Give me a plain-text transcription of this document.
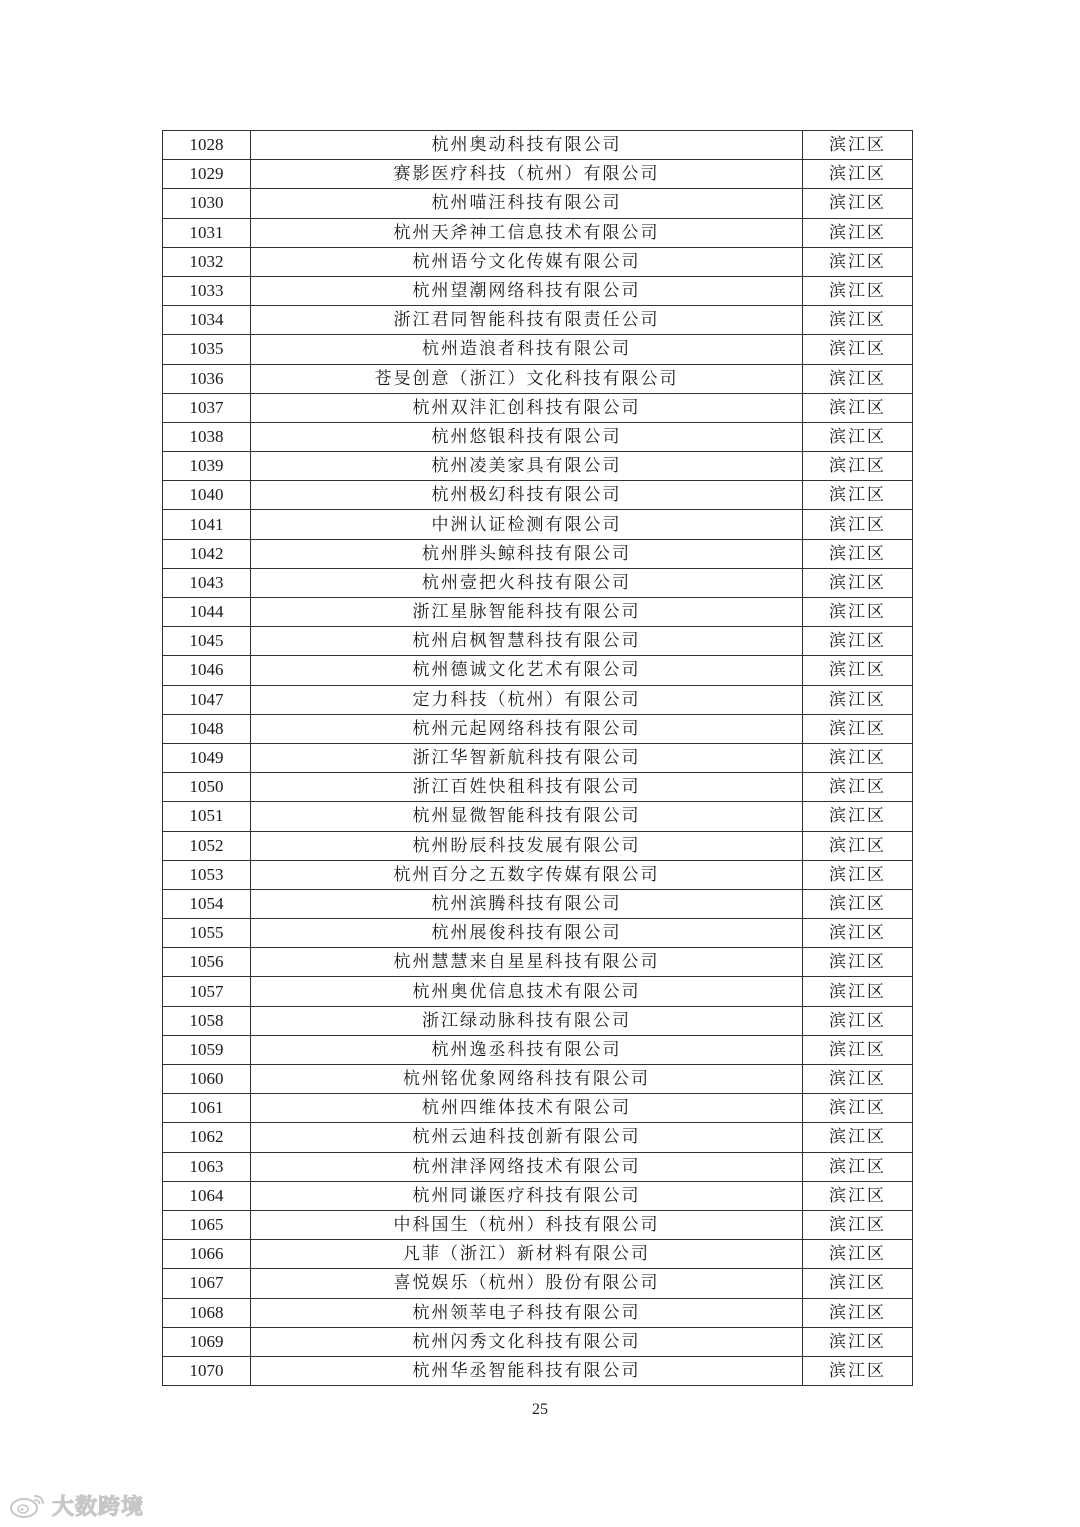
1028	杭州奥动科技有限公司	滨江区
1029	赛影医疗科技（杭州）有限公司	滨江区
1030	杭州喵汪科技有限公司	滨江区
1031	杭州天斧神工信息技术有限公司	滨江区
1032	杭州语兮文化传媒有限公司	滨江区
1033	杭州望潮网络科技有限公司	滨江区
1034	浙江君同智能科技有限责任公司	滨江区
1035	杭州造浪者科技有限公司	滨江区
1036	苍旻创意（浙江）文化科技有限公司	滨江区
1037	杭州双沣汇创科技有限公司	滨江区
1038	杭州悠银科技有限公司	滨江区
1039	杭州凌美家具有限公司	滨江区
1040	杭州极幻科技有限公司	滨江区
1041	中洲认证检测有限公司	滨江区
1042	杭州胖头鲸科技有限公司	滨江区
1043	杭州壹把火科技有限公司	滨江区
1044	浙江星脉智能科技有限公司	滨江区
1045	杭州启枫智慧科技有限公司	滨江区
1046	杭州德诚文化艺术有限公司	滨江区
1047	定力科技（杭州）有限公司	滨江区
1048	杭州元起网络科技有限公司	滨江区
1049	浙江华智新航科技有限公司	滨江区
1050	浙江百姓快租科技有限公司	滨江区
1051	杭州显微智能科技有限公司	滨江区
1052	杭州盼辰科技发展有限公司	滨江区
1053	杭州百分之五数字传媒有限公司	滨江区
1054	杭州滨腾科技有限公司	滨江区
1055	杭州展俊科技有限公司	滨江区
1056	杭州慧慧来自星星科技有限公司	滨江区
1057	杭州奥优信息技术有限公司	滨江区
1058	浙江绿动脉科技有限公司	滨江区
1059	杭州逸丞科技有限公司	滨江区
1060	杭州铭优象网络科技有限公司	滨江区
1061	杭州四维体技术有限公司	滨江区
1062	杭州云迪科技创新有限公司	滨江区
1063	杭州津泽网络技术有限公司	滨江区
1064	杭州同谦医疗科技有限公司	滨江区
1065	中科国生（杭州）科技有限公司	滨江区
1066	凡菲（浙江）新材料有限公司	滨江区
1067	喜悦娱乐（杭州）股份有限公司	滨江区
1068	杭州领莘电子科技有限公司	滨江区
1069	杭州闪秀文化科技有限公司	滨江区
1070	杭州华丞智能科技有限公司	滨江区
25
大数跨境
